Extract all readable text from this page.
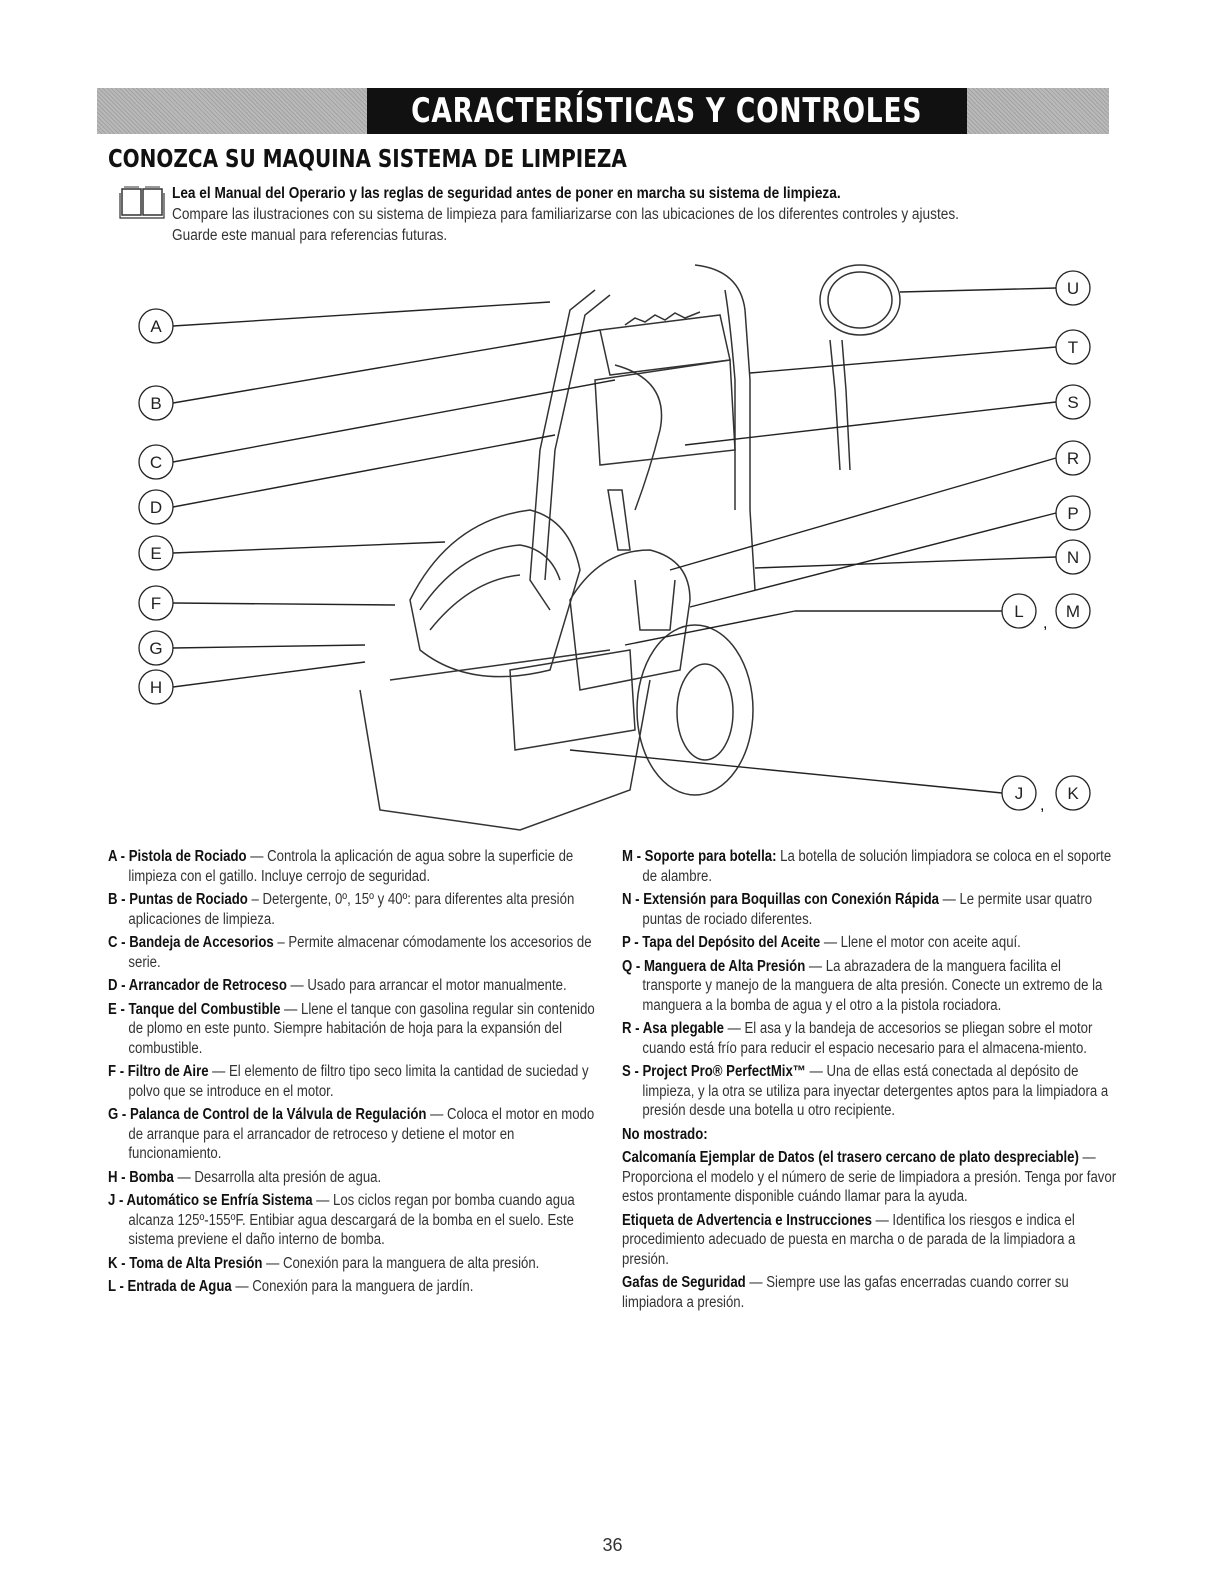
CARACTERÍSTICAS Y CONTROLES
CONOZCA SU MAQUINA SISTEMA DE LIMPIEZA
Lea el Manual del Operario y las reglas de seguridad antes de poner en marcha su sistema de limpieza.
Compare las ilustraciones con su sistema de limpieza para familiarizarse con las ubicaciones de los diferentes controles y ajustes.
Guarde este manual para referencias futuras.
A
B
C
D
E
F
G
H
U
T
S
R
P
N
L
,
M
J
,
K

A - Pistola de Rociado — Controla la aplicación de agua sobre la superficie de limpieza con el gatillo. Incluye cerrojo de seguridad.

B - Puntas de Rociado – Detergente, 0º, 15º y 40º: para diferentes alta presión aplicaciones de limpieza.

C - Bandeja de Accesorios – Permite almacenar cómodamente los accesorios de serie.

D - Arrancador de Retroceso — Usado para arrancar el motor manualmente.

E - Tanque del Combustible — Llene el tanque con gasolina regular sin contenido de plomo en este punto. Siempre habitación de hoja para la expansión del combustible.

F - Filtro de Aire — El elemento de filtro tipo seco limita la cantidad de suciedad y polvo que se introduce en el motor.

G - Palanca de Control de la Válvula de Regulación — Coloca el motor en modo de arranque para el arrancador de retroceso y detiene el motor en funcionamiento.

H - Bomba — Desarrolla alta presión de agua.

J - Automático se Enfría Sistema — Los ciclos regan por bomba cuando agua alcanza 125º-155ºF. Entibiar agua descargará de la bomba en el suelo. Este sistema previene el daño interno de bomba.

K - Toma de Alta Presión — Conexión para la manguera de alta presión.

L - Entrada de Agua — Conexión para la manguera de jardín.

M - Soporte para botella: La botella de solución limpiadora se coloca en el soporte de alambre.

N - Extensión para Boquillas con Conexión Rápida — Le permite usar quatro puntas de rociado diferentes.

P - Tapa del Depósito del Aceite — Llene el motor con aceite aquí.

Q - Manguera de Alta Presión — La abrazadera de la manguera facilita el transporte y manejo de la manguera de alta presión. Conecte un extremo de la manguera a la bomba de agua y el otro a la pistola rociadora.

R - Asa plegable — El asa y la bandeja de accesorios se pliegan sobre el motor cuando está frío para reducir el espacio necesario para el almacena-miento.

S - Project Pro® PerfectMix™ — Una de ellas está conectada al depósito de limpieza, y la otra se utiliza para inyectar detergentes aptos para la limpiadora a presión desde una botella u otro recipiente.

No mostrado:

Calcomanía Ejemplar de Datos (el trasero cercano de plato despreciable) — Proporciona el modelo y el número de serie de limpiadora a presión. Tenga por favor estos prontamente disponible cuándo llamar para la ayuda.

Etiqueta de Advertencia e Instrucciones — Identifica los riesgos e indica el procedimiento adecuado de puesta en marcha o de parada de la limpiadora a presión.

Gafas de Seguridad — Siempre use las gafas encerradas cuando correr su limpiadora a presión.

36
